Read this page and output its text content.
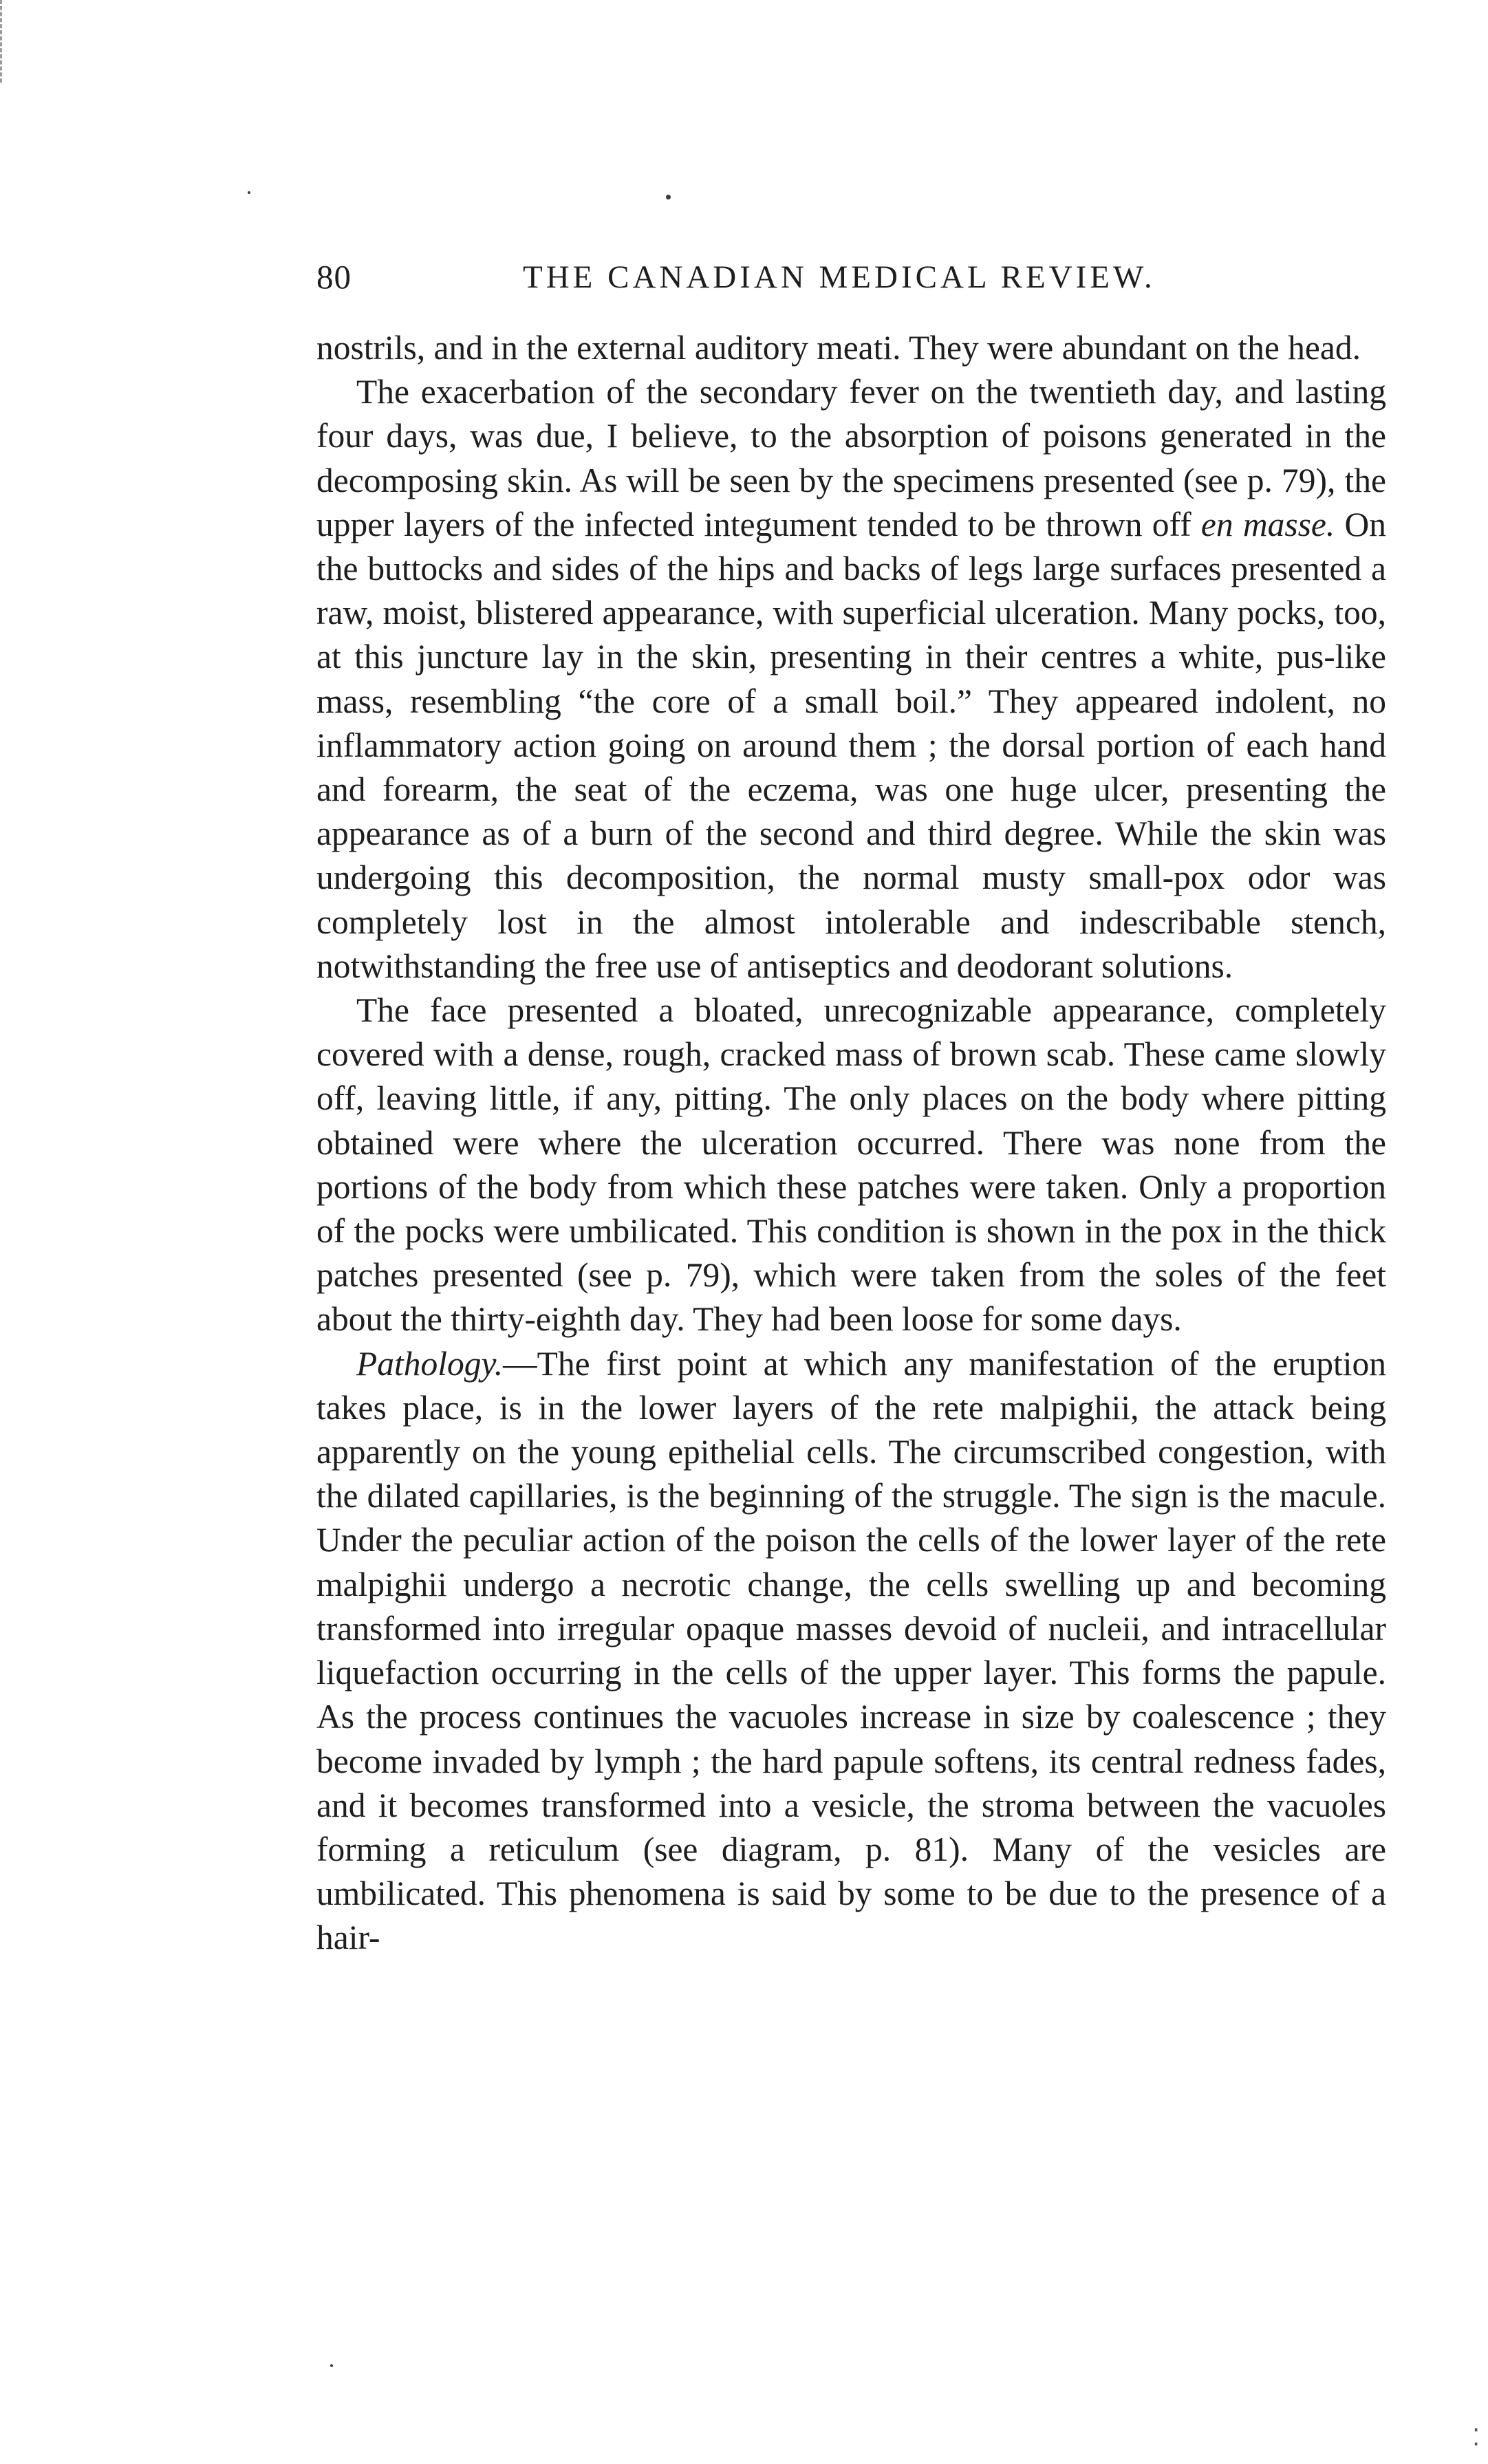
80	THE CANADIAN MEDICAL REVIEW.

nostrils, and in the external auditory meati. They were abundant on the head.

The exacerbation of the secondary fever on the twentieth day, and lasting four days, was due, I believe, to the absorption of poisons generated in the decomposing skin. As will be seen by the specimens presented (see p. 79), the upper layers of the infected integument tended to be thrown off en masse. On the buttocks and sides of the hips and backs of legs large surfaces presented a raw, moist, blistered appearance, with superficial ulceration. Many pocks, too, at this juncture lay in the skin, presenting in their centres a white, pus-like mass, resembling “the core of a small boil.” They appeared indolent, no inflammatory action going on around them ; the dorsal portion of each hand and forearm, the seat of the eczema, was one huge ulcer, presenting the appearance as of a burn of the second and third degree. While the skin was undergoing this decomposition, the normal musty small-pox odor was completely lost in the almost intolerable and indescribable stench, notwithstanding the free use of antiseptics and deodorant solutions.

The face presented a bloated, unrecognizable appearance, completely covered with a dense, rough, cracked mass of brown scab. These came slowly off, leaving little, if any, pitting. The only places on the body where pitting obtained were where the ulceration occurred. There was none from the portions of the body from which these patches were taken. Only a proportion of the pocks were umbilicated. This condition is shown in the pox in the thick patches presented (see p. 79), which were taken from the soles of the feet about the thirty-eighth day. They had been loose for some days.

Pathology.—The first point at which any manifestation of the eruption takes place, is in the lower layers of the rete malpighii, the attack being apparently on the young epithelial cells. The circumscribed congestion, with the dilated capillaries, is the beginning of the struggle. The sign is the macule. Under the peculiar action of the poison the cells of the lower layer of the rete malpighii undergo a necrotic change, the cells swelling up and becoming transformed into irregular opaque masses devoid of nucleii, and intracellular liquefaction occurring in the cells of the upper layer. This forms the papule. As the process continues the vacuoles increase in size by coalescence ; they become invaded by lymph ; the hard papule softens, its central redness fades, and it becomes transformed into a vesicle, the stroma between the vacuoles forming a reticulum (see diagram, p. 81). Many of the vesicles are umbilicated. This phenomena is said by some to be due to the presence of a hair-

⁚
